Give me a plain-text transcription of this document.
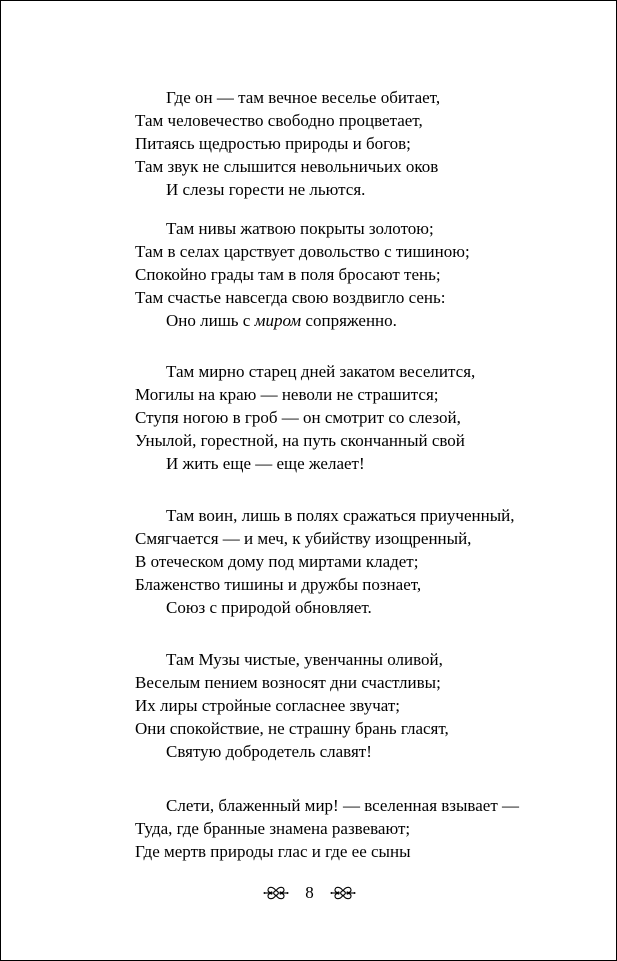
Где он — там вечное веселье обитает,
Там человечество свободно процветает,
Питаясь щедростью природы и богов;
Там звук не слышится невольничьих оков
И слезы горести не льются.
Там нивы жатвою покрыты золотою;
Там в селах царствует довольство с тишиною;
Спокойно грады там в поля бросают тень;
Там счастье навсегда свою воздвигло сень:
Оно лишь с миром сопряженно.
Там мирно старец дней закатом веселится,
Могилы на краю — неволи не страшится;
Ступя ногою в гроб — он смотрит со слезой,
Унылой, горестной, на путь скончанный свой
И жить еще — еще желает!
Там воин, лишь в полях сражаться приученный,
Смягчается — и меч, к убийству изощренный,
В отеческом дому под миртами кладет;
Блаженство тишины и дружбы познает,
Союз с природой обновляет.
Там Музы чистые, увенчанны оливой,
Веселым пением возносят дни счастливы;
Их лиры стройные согласнее звучат;
Они спокойствие, не страшну брань гласят,
Святую добродетель славят!
Слети, блаженный мир! — вселенная взывает —
Туда, где бранные знамена развевают;
Где мертв природы глас и где ее сыны
8
